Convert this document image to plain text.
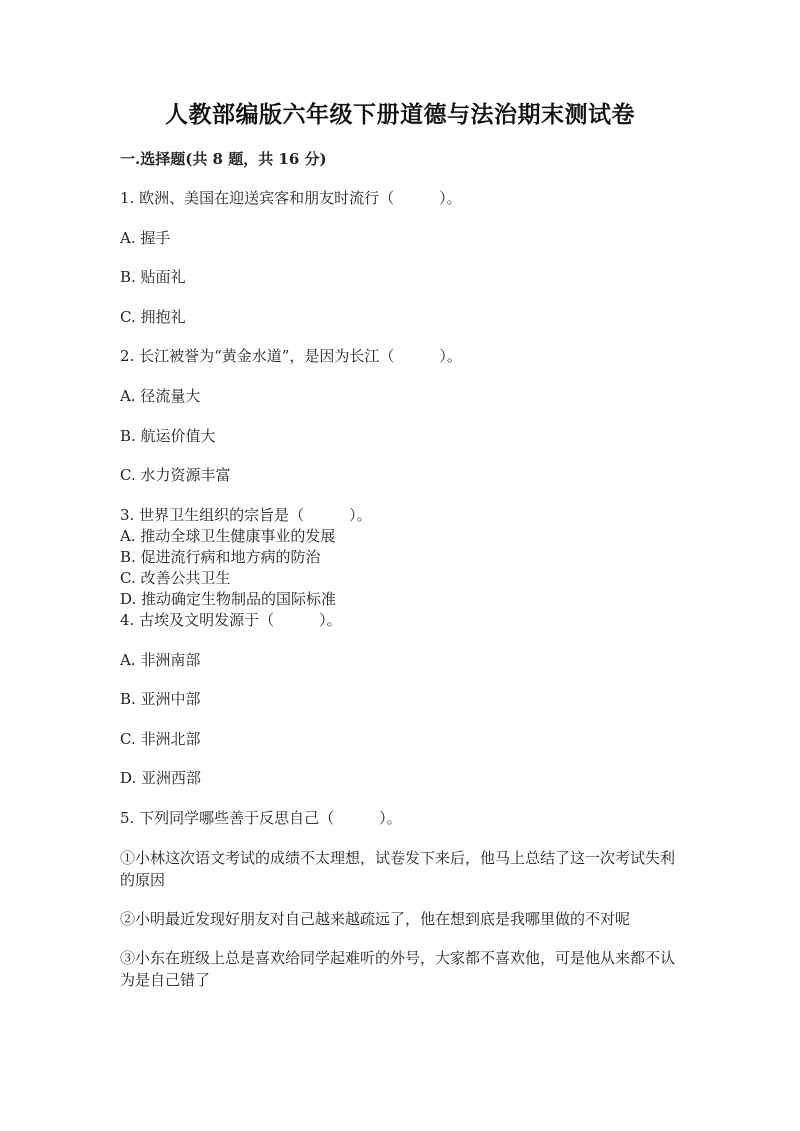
人教部编版六年级下册道德与法治期末测试卷
一.选择题(共 8 题，共 16 分)
1. 欧洲、美国在迎送宾客和朋友时流行（　　　）。
A. 握手
B. 贴面礼
C. 拥抱礼
2. 长江被誉为“黄金水道”，是因为长江（　　　）。
A. 径流量大
B. 航运价值大
C. 水力资源丰富
3. 世界卫生组织的宗旨是（　　　）。
A. 推动全球卫生健康事业的发展
B. 促进流行病和地方病的防治
C. 改善公共卫生
D. 推动确定生物制品的国际标准
4. 古埃及文明发源于（　　　）。
A. 非洲南部
B. 亚洲中部
C. 非洲北部
D. 亚洲西部
5. 下列同学哪些善于反思自己（　　　）。
①小林这次语文考试的成绩不太理想，试卷发下来后，他马上总结了这一次考试失利的原因
②小明最近发现好朋友对自己越来越疏远了，他在想到底是我哪里做的不对呢
③小东在班级上总是喜欢给同学起难听的外号，大家都不喜欢他，可是他从来都不认为是自己错了
